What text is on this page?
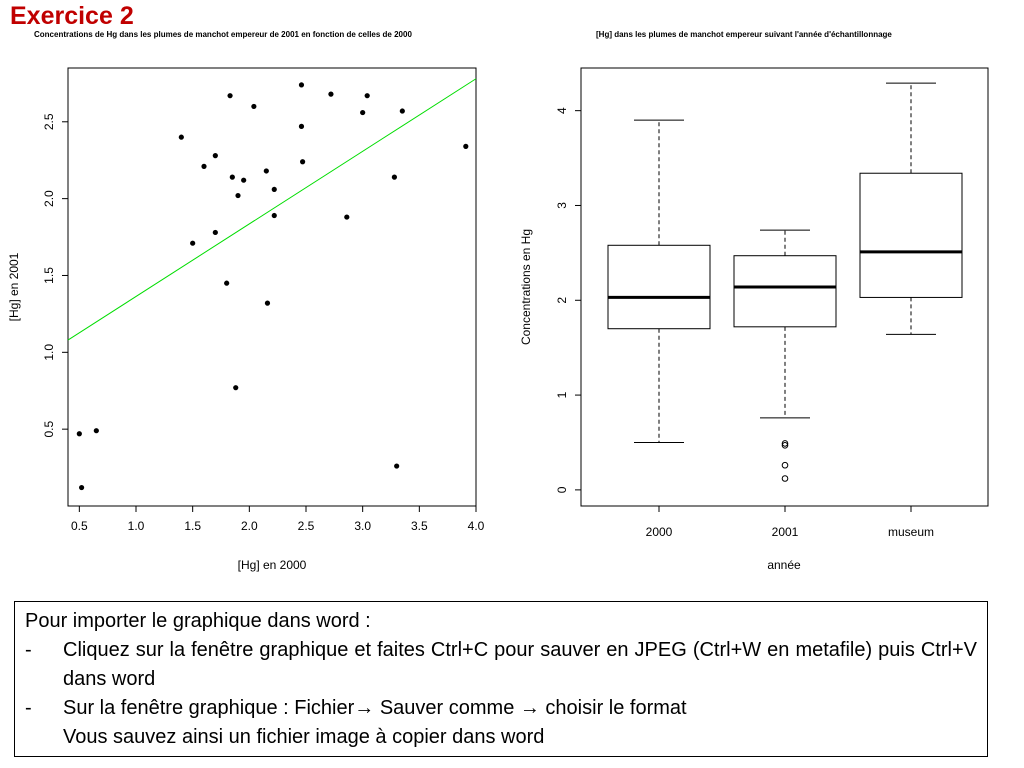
Exercice 2
Concentrations de Hg dans les plumes de manchot empereur de 2001 en fonction de celles de 2000	[Hg] dans les plumes de manchot empereur suivant l'année d'échantillonnage
0.5	1.0	1.5	2.0	2.5	3.0	3.5	4.0
0.5
1.0
1.5
2.0
2.5
[Hg] en 2000
[Hg] en 2001
2000	2001	museum
0
1
2
3
4
année
Concentrations en Hg
Pour importer le graphique dans word :
-	Cliquez sur la fenêtre graphique et faites Ctrl+C pour sauver en JPEG (Ctrl+W en metafile) puis Ctrl+V dans word
-	Sur la fenêtre graphique : Fichier→ Sauver comme → choisir le format
Vous sauvez ainsi un fichier image à copier dans word
